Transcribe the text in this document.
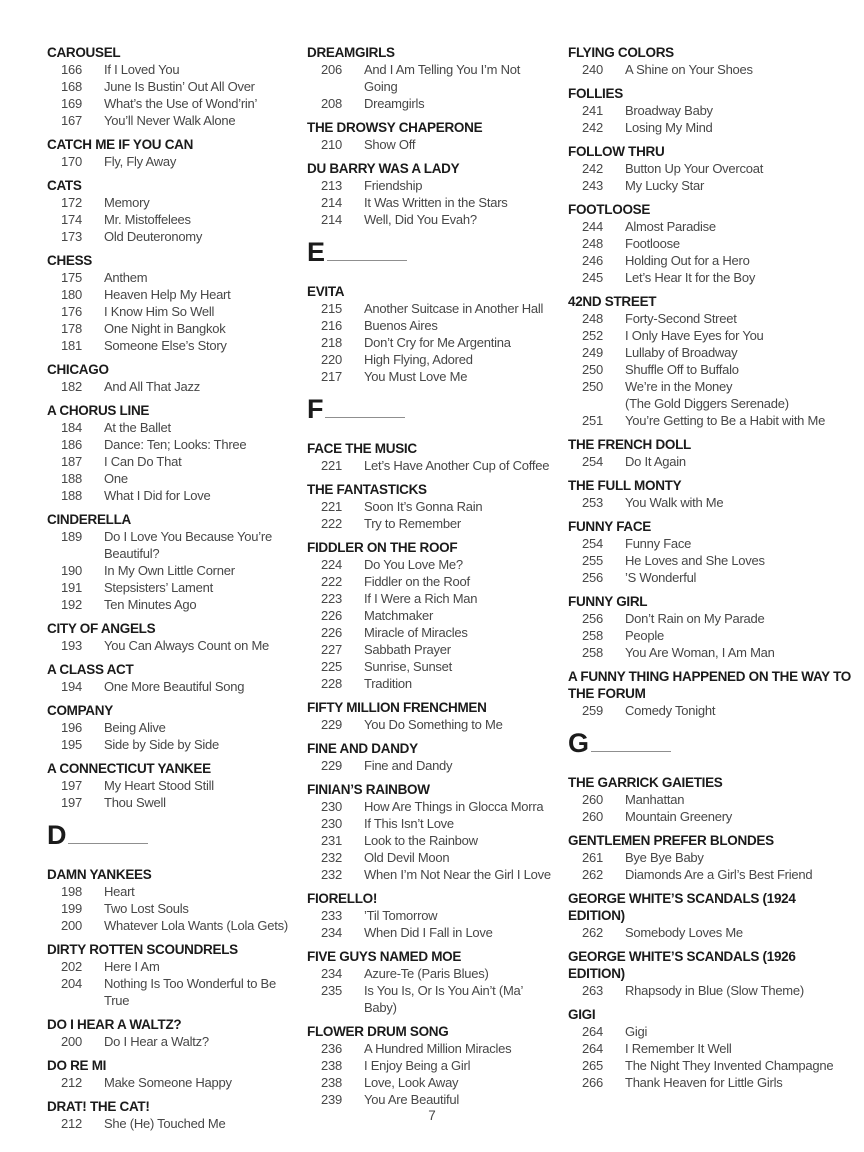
CAROUSEL
166	If I Loved You
168	June Is Bustin’ Out All Over
169	What’s the Use of Wond’rin’
167	You’ll Never Walk Alone
CATCH ME IF YOU CAN
170	Fly, Fly Away
CATS
172	Memory
174	Mr. Mistoffelees
173	Old Deuteronomy
CHESS
175	Anthem
180	Heaven Help My Heart
176	I Know Him So Well
178	One Night in Bangkok
181	Someone Else’s Story
CHICAGO
182	And All That Jazz
A CHORUS LINE
184	At the Ballet
186	Dance: Ten; Looks: Three
187	I Can Do That
188	One
188	What I Did for Love
CINDERELLA
189	Do I Love You Because You’re Beautiful?
190	In My Own Little Corner
191	Stepsisters’ Lament
192	Ten Minutes Ago
CITY OF ANGELS
193	You Can Always Count on Me
A CLASS ACT
194	One More Beautiful Song
COMPANY
196	Being Alive
195	Side by Side by Side
A CONNECTICUT YANKEE
197	My Heart Stood Still
197	Thou Swell
D
DAMN YANKEES
198	Heart
199	Two Lost Souls
200	Whatever Lola Wants (Lola Gets)
DIRTY ROTTEN SCOUNDRELS
202	Here I Am
204	Nothing Is Too Wonderful to Be True
DO I HEAR A WALTZ?
200	Do I Hear a Waltz?
DO RE MI
212	Make Someone Happy
DRAT! THE CAT!
212	She (He) Touched Me
DREAMGIRLS
206	And I Am Telling You I’m Not Going
208	Dreamgirls
THE DROWSY CHAPERONE
210	Show Off
DU BARRY WAS A LADY
213	Friendship
214	It Was Written in the Stars
214	Well, Did You Evah?
E
EVITA
215	Another Suitcase in Another Hall
216	Buenos Aires
218	Don’t Cry for Me Argentina
220	High Flying, Adored
217	You Must Love Me
F
FACE THE MUSIC
221	Let’s Have Another Cup of Coffee
THE FANTASTICKS
221	Soon It’s Gonna Rain
222	Try to Remember
FIDDLER ON THE ROOF
224	Do You Love Me?
222	Fiddler on the Roof
223	If I Were a Rich Man
226	Matchmaker
226	Miracle of Miracles
227	Sabbath Prayer
225	Sunrise, Sunset
228	Tradition
FIFTY MILLION FRENCHMEN
229	You Do Something to Me
FINE AND DANDY
229	Fine and Dandy
FINIAN’S RAINBOW
230	How Are Things in Glocca Morra
230	If This Isn’t Love
231	Look to the Rainbow
232	Old Devil Moon
232	When I’m Not Near the Girl I Love
FIORELLO!
233	’Til Tomorrow
234	When Did I Fall in Love
FIVE GUYS NAMED MOE
234	Azure-Te (Paris Blues)
235	Is You Is, Or Is You Ain’t (Ma’ Baby)
FLOWER DRUM SONG
236	A Hundred Million Miracles
238	I Enjoy Being a Girl
238	Love, Look Away
239	You Are Beautiful
FLYING COLORS
240	A Shine on Your Shoes
FOLLIES
241	Broadway Baby
242	Losing My Mind
FOLLOW THRU
242	Button Up Your Overcoat
243	My Lucky Star
FOOTLOOSE
244	Almost Paradise
248	Footloose
246	Holding Out for a Hero
245	Let’s Hear It for the Boy
42ND STREET
248	Forty-Second Street
252	I Only Have Eyes for You
249	Lullaby of Broadway
250	Shuffle Off to Buffalo
250	We’re in the Money
(The Gold Diggers Serenade)
251	You’re Getting to Be a Habit with Me
THE FRENCH DOLL
254	Do It Again
THE FULL MONTY
253	You Walk with Me
FUNNY FACE
254	Funny Face
255	He Loves and She Loves
256	’S Wonderful
FUNNY GIRL
256	Don’t Rain on My Parade
258	People
258	You Are Woman, I Am Man
A FUNNY THING HAPPENED ON THE WAY TO THE FORUM
259	Comedy Tonight
G
THE GARRICK GAIETIES
260	Manhattan
260	Mountain Greenery
GENTLEMEN PREFER BLONDES
261	Bye Bye Baby
262	Diamonds Are a Girl’s Best Friend
GEORGE WHITE’S SCANDALS (1924 EDITION)
262	Somebody Loves Me
GEORGE WHITE’S SCANDALS (1926 EDITION)
263	Rhapsody in Blue (Slow Theme)
GIGI
264	Gigi
264	I Remember It Well
265	The Night They Invented Champagne
266	Thank Heaven for Little Girls
7
